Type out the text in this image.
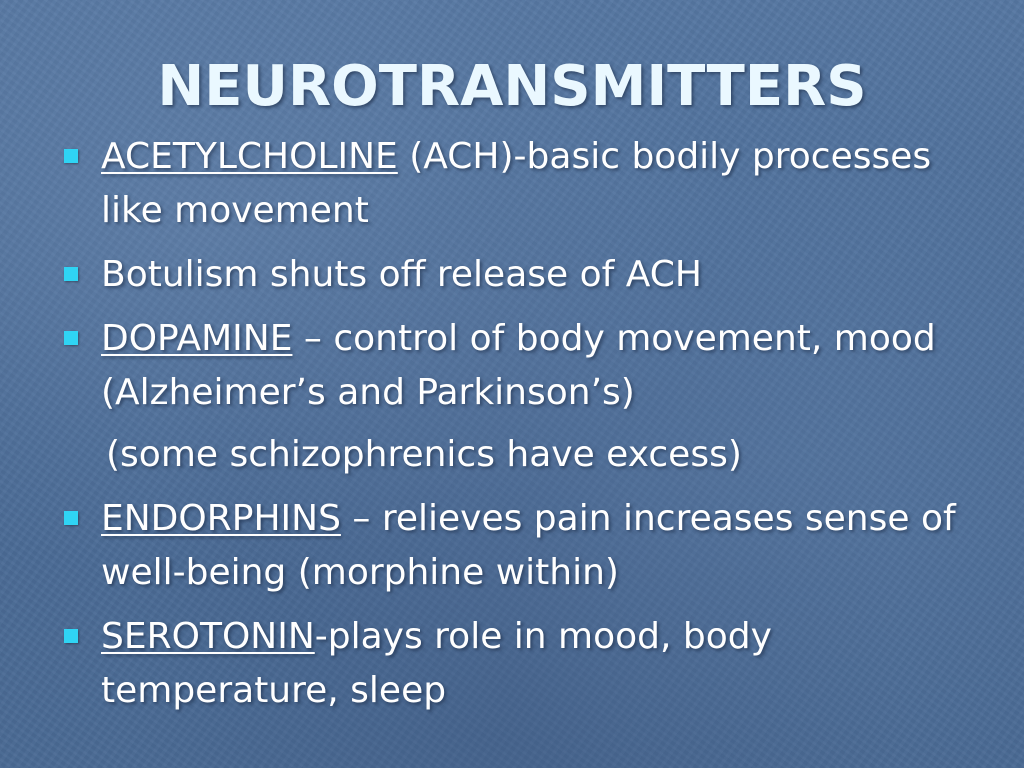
NEUROTRANSMITTERS
ACETYLCHOLINE (ACH)-basic bodily processes like movement
Botulism shuts off release of ACH
DOPAMINE – control of body movement, mood (Alzheimer’s and Parkinson’s)
(some schizophrenics have excess)
ENDORPHINS – relieves pain increases sense of well-being (morphine within)
SEROTONIN-plays role in mood, body temperature, sleep
